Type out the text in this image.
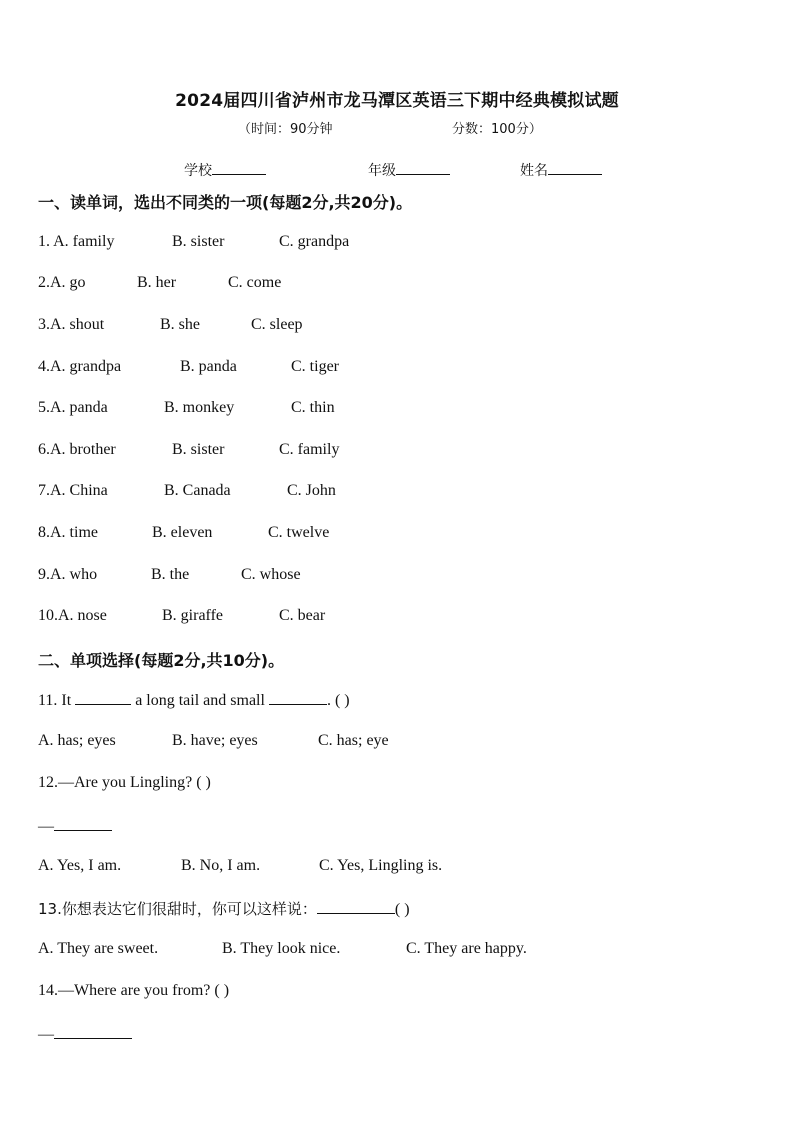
2024届四川省泸州市龙马潭区英语三下期中经典模拟试题
（时间：90分钟	分数：100分）
学校	年级	姓名
一、读单词，选出不同类的一项(每题2分,共20分)。
1. A. family	B. sister	C. grandpa
2.A. go	B. her	C. come
3.A. shout	B. she	C. sleep
4.A. grandpa	B. panda	C. tiger
5.A. panda	B. monkey	C. thin
6.A. brother	B. sister	C. family
7.A. China	B. Canada	C. John
8.A. time	B. eleven	C. twelve
9.A. who	B. the	C. whose
10.A. nose	B. giraffe	C. bear
二、单项选择(每题2分,共10分)。
11. It	a long tail and small	. ( )
A. has; eyes	B. have; eyes	C. has; eye
12.—Are you Lingling? ( )
—
A. Yes, I am.	B. No, I am.	C. Yes, Lingling is.
13.你想表达它们很甜时，你可以这样说：	( )
A. They are sweet.	B. They look nice.	C. They are happy.
14.—Where are you from? ( )
—
